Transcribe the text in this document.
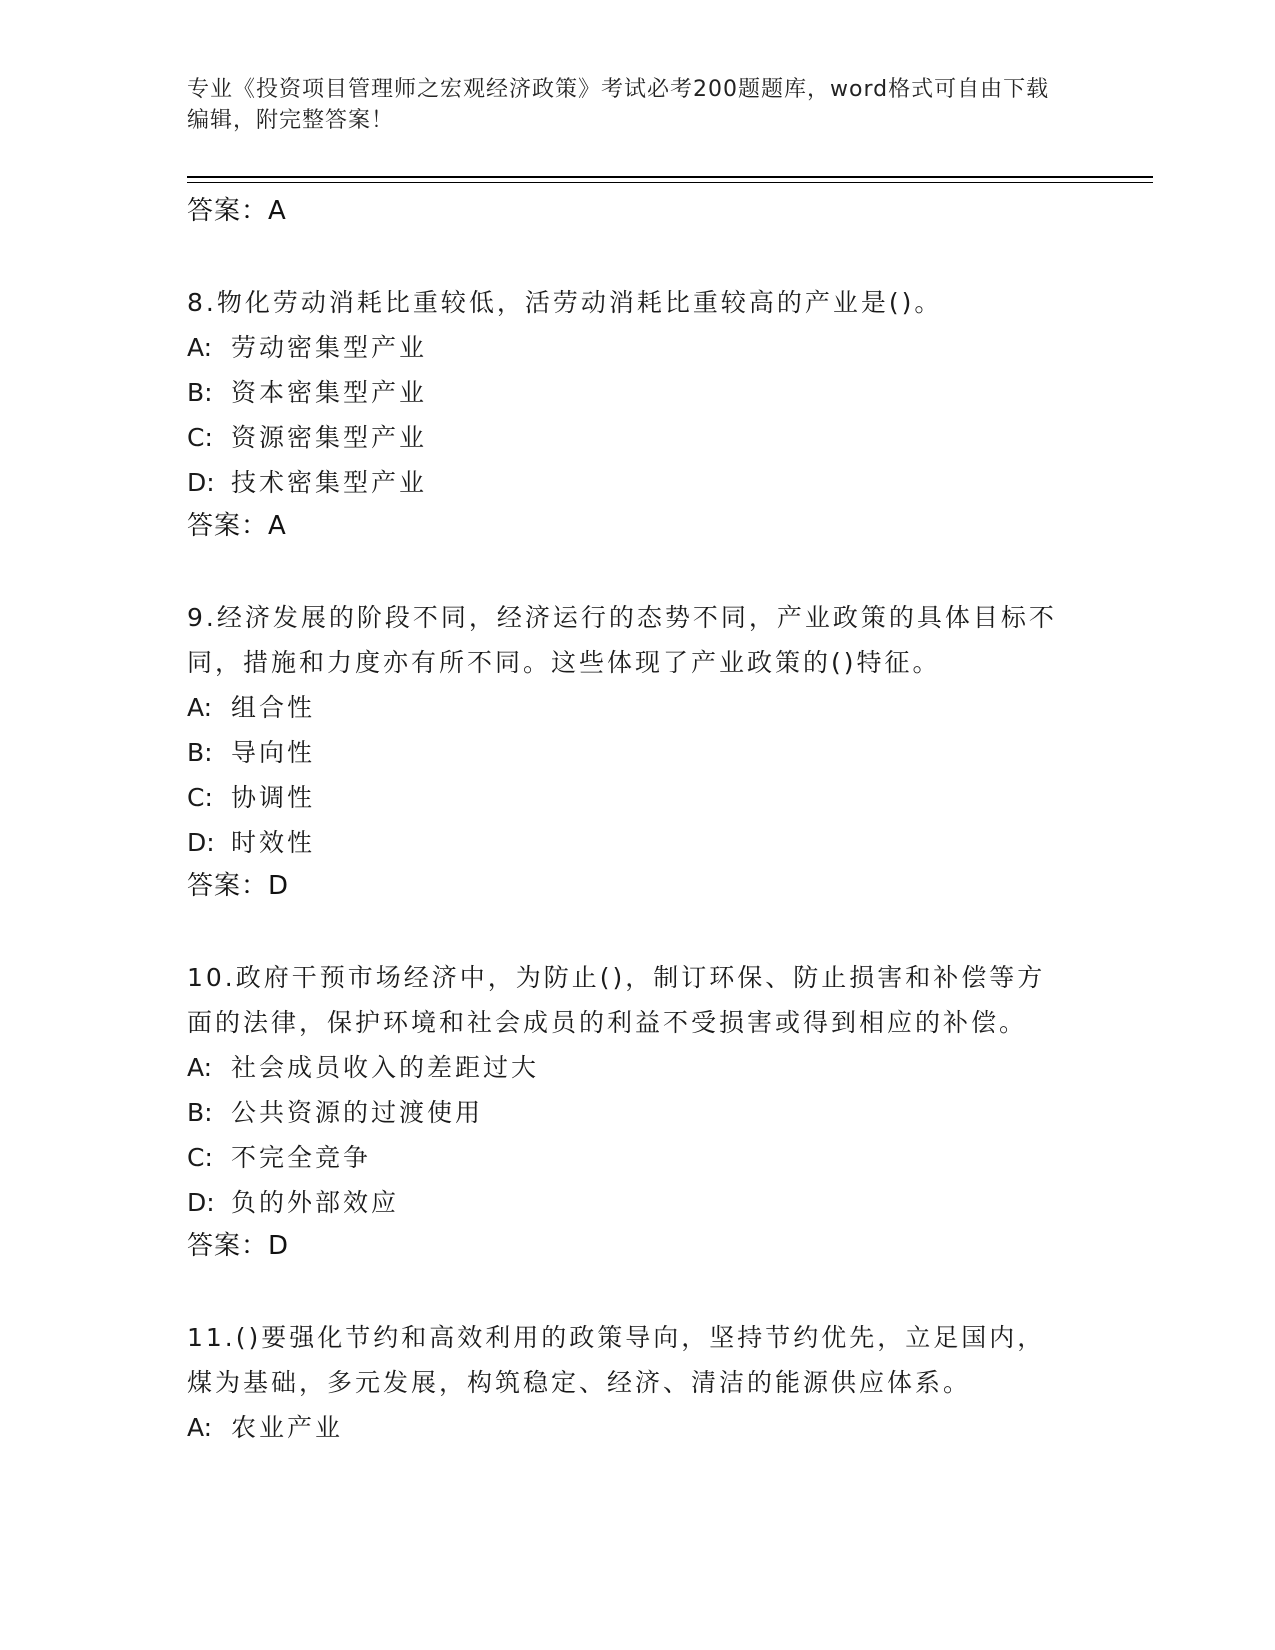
专业《投资项目管理师之宏观经济政策》考试必考200题题库，word格式可自由下载编辑，附完整答案！
答案：A
8.物化劳动消耗比重较低，活劳动消耗比重较高的产业是()。
A: 劳动密集型产业
B: 资本密集型产业
C: 资源密集型产业
D: 技术密集型产业
答案：A
9.经济发展的阶段不同，经济运行的态势不同，产业政策的具体目标不同，措施和力度亦有所不同。这些体现了产业政策的()特征。
A: 组合性
B: 导向性
C: 协调性
D: 时效性
答案：D
10.政府干预市场经济中，为防止()，制订环保、防止损害和补偿等方面的法律，保护环境和社会成员的利益不受损害或得到相应的补偿。
A: 社会成员收入的差距过大
B: 公共资源的过渡使用
C: 不完全竞争
D: 负的外部效应
答案：D
11.()要强化节约和高效利用的政策导向，坚持节约优先，立足国内，煤为基础，多元发展，构筑稳定、经济、清洁的能源供应体系。
A: 农业产业
